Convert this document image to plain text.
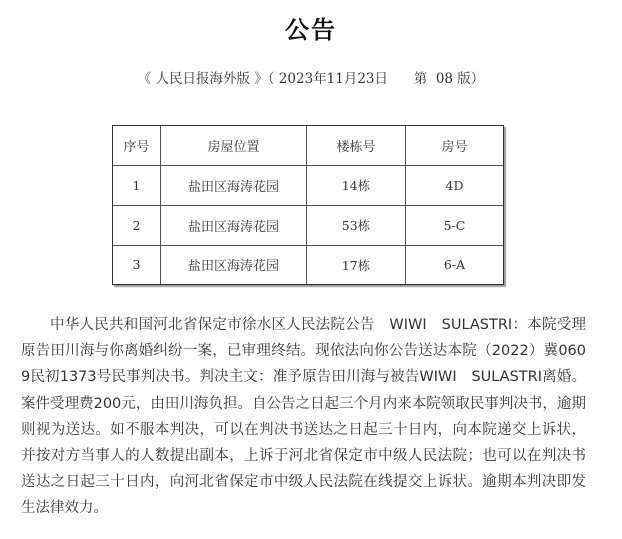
公告
《 人民日报海外版 》（ 2023年11月23日      第  08 版）
序号	房屋位置	楼栋号	房号
1	盐田区海涛花园	14栋	4D
2	盐田区海涛花园	53栋	5-C
3	盐田区海涛花园	17栋	6-A

中华人民共和国河北省保定市徐水区人民法院公告　WIWI　SULASTRI：本院受理原告田川海与你离婚纠纷一案，已审理终结。现依法向你公告送达本院（2022）冀0609民初1373号民事判决书。判决主文：准予原告田川海与被告WIWI　SULASTRI离婚。案件受理费200元，由田川海负担。自公告之日起三个月内来本院领取民事判决书，逾期则视为送达。如不服本判决，可以在判决书送达之日起三十日内，向本院递交上诉状，并按对方当事人的人数提出副本，上诉于河北省保定市中级人民法院；也可以在判决书送达之日起三十日内，向河北省保定市中级人民法院在线提交上诉状。逾期本判决即发生法律效力。
